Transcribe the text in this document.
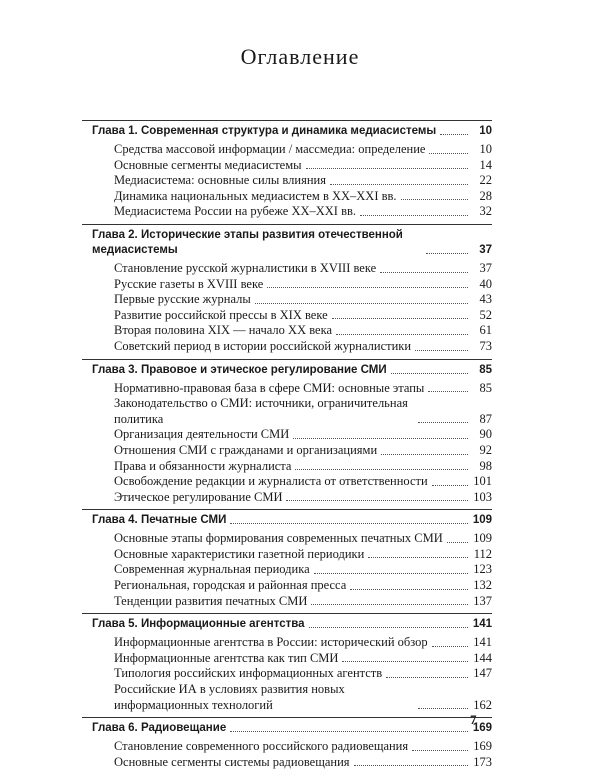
Оглавление
Глава 1. Современная структура и динамика медиасистемы	10
Средства массовой информации / массмедиа: определение	10
Основные сегменты медиасистемы	14
Медиасистема: основные силы влияния	22
Динамика национальных медиасистем в XX–XXI вв.	28
Медиасистема России на рубеже XX–XXI вв.	32
Глава 2. Исторические этапы развития отечественной медиасистемы	37
Становление русской журналистики в XVIII веке	37
Русские газеты в XVIII веке	40
Первые русские журналы	43
Развитие российской прессы в XIX веке	52
Вторая половина XIX — начало XX века	61
Советский период в истории российской журналистики	73
Глава 3. Правовое и этическое регулирование СМИ	85
Нормативно-правовая база в сфере СМИ: основные этапы	85
Законодательство о СМИ: источники, ограничительная политика	87
Организация деятельности СМИ	90
Отношения СМИ с гражданами и организациями	92
Права и обязанности журналиста	98
Освобождение редакции и журналиста от ответственности	101
Этическое регулирование СМИ	103
Глава 4. Печатные СМИ	109
Основные этапы формирования современных печатных СМИ 109
Основные характеристики газетной периодики	112
Современная журнальная периодика	123
Региональная, городская и районная пресса	132
Тенденции развития печатных СМИ	137
Глава 5. Информационные агентства	141
Информационные агентства в России: исторический обзор	141
Информационные агентства как тип СМИ	144
Типология российских информационных агентств	147
Российские ИА в условиях развития новых информационных технологий	162
Глава 6. Радиовещание	169
Становление современного российского радиовещания	169
Основные сегменты системы радиовещания	173
7
